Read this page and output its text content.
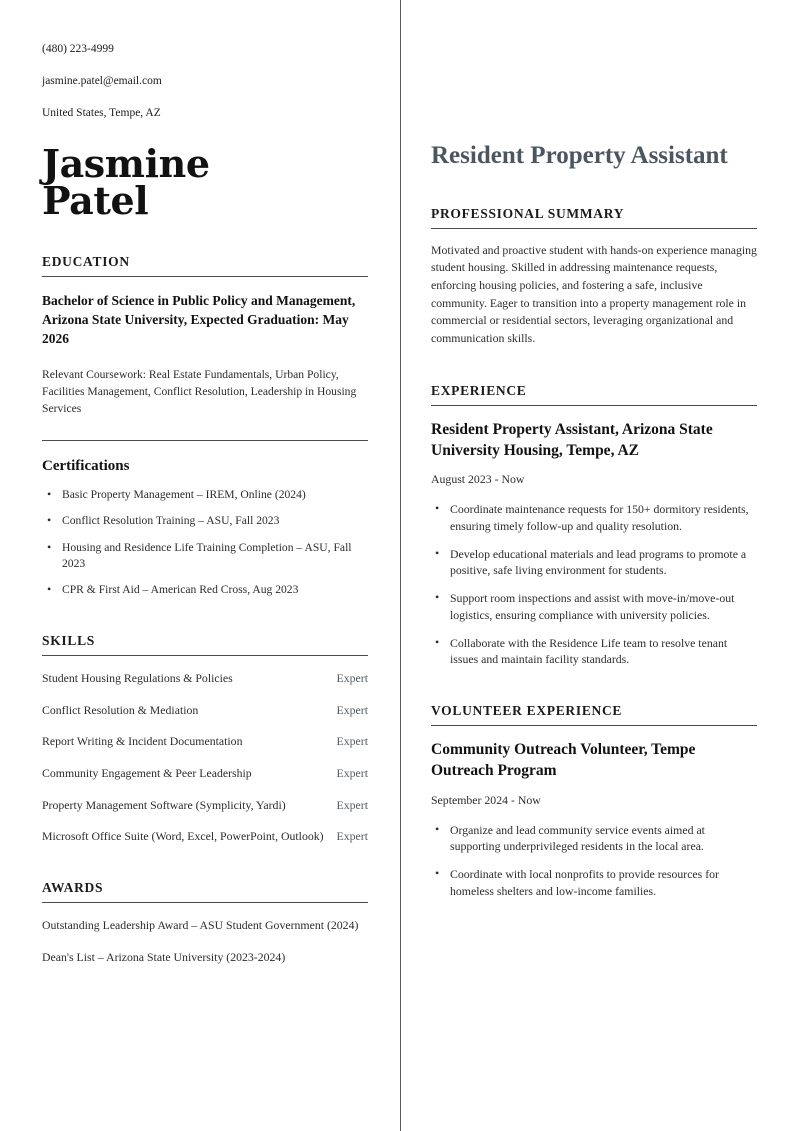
(480) 223-4999
jasmine.patel@email.com
United States, Tempe, AZ
Jasmine
Patel
EDUCATION
Bachelor of Science in Public Policy and Management, Arizona State University, Expected Graduation: May 2026
Relevant Coursework: Real Estate Fundamentals, Urban Policy, Facilities Management, Conflict Resolution, Leadership in Housing Services
Certifications
• Basic Property Management – IREM, Online (2024)
• Conflict Resolution Training – ASU, Fall 2023
• Housing and Residence Life Training Completion – ASU, Fall 2023
• CPR & First Aid – American Red Cross, Aug 2023
SKILLS
Student Housing Regulations & Policies	Expert
Conflict Resolution & Mediation	Expert
Report Writing & Incident Documentation	Expert
Community Engagement & Peer Leadership	Expert
Property Management Software (Symplicity, Yardi)	Expert
Microsoft Office Suite (Word, Excel, PowerPoint, Outlook) Expert
AWARDS
Outstanding Leadership Award – ASU Student Government (2024)
Dean's List – Arizona State University (2023-2024)
Resident Property Assistant
PROFESSIONAL SUMMARY
Motivated and proactive student with hands-on experience managing student housing. Skilled in addressing maintenance requests, enforcing housing policies, and fostering a safe, inclusive community. Eager to transition into a property management role in commercial or residential sectors, leveraging organizational and communication skills.
EXPERIENCE
Resident Property Assistant, Arizona State University Housing, Tempe, AZ
August 2023 - Now
• Coordinate maintenance requests for 150+ dormitory residents, ensuring timely follow-up and quality resolution.
• Develop educational materials and lead programs to promote a positive, safe living environment for students.
• Support room inspections and assist with move-in/move-out logistics, ensuring compliance with university policies.
• Collaborate with the Residence Life team to resolve tenant issues and maintain facility standards.
VOLUNTEER EXPERIENCE
Community Outreach Volunteer, Tempe Outreach Program
September 2024 - Now
• Organize and lead community service events aimed at supporting underprivileged residents in the local area.
• Coordinate with local nonprofits to provide resources for homeless shelters and low-income families.
